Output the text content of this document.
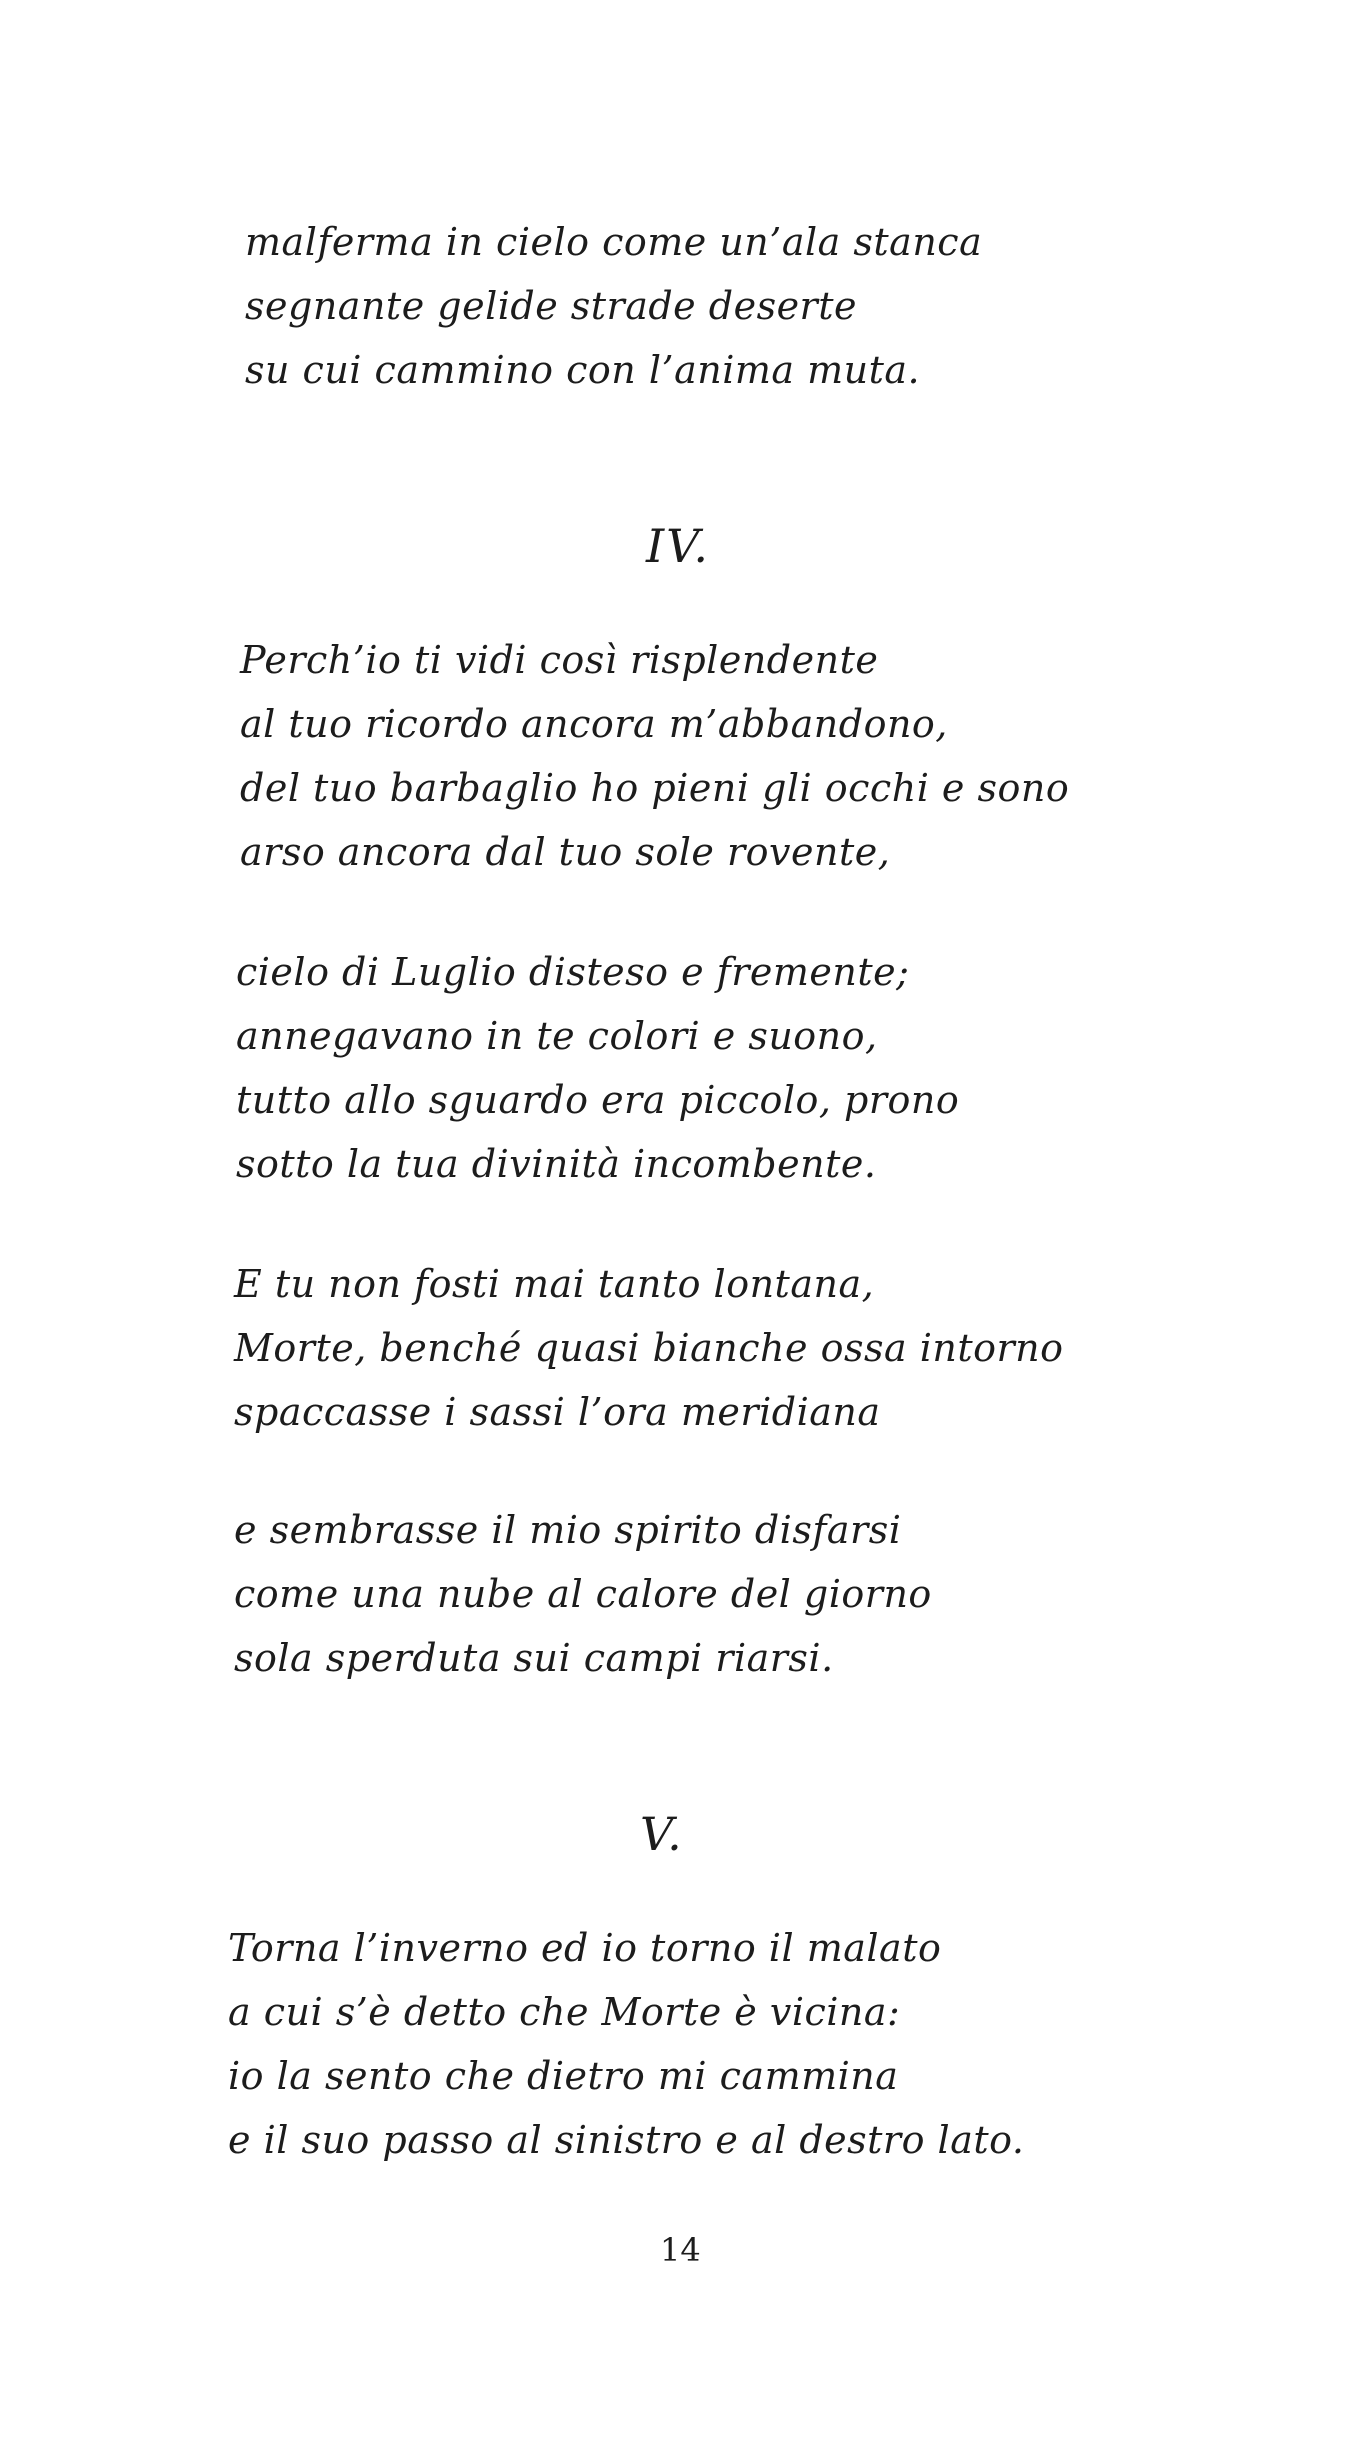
malferma in cielo come un’ala stanca
segnante gelide strade deserte
su cui cammino con l’anima muta.
IV.
Perch’io ti vidi così risplendente
al tuo ricordo ancora m’abbandono,
del tuo barbaglio ho pieni gli occhi e sono
arso ancora dal tuo sole rovente,
cielo di Luglio disteso e fremente;
annegavano in te colori e suono,
tutto allo sguardo era piccolo, prono
sotto la tua divinità incombente.
E tu non fosti mai tanto lontana,
Morte, benché quasi bianche ossa intorno
spaccasse i sassi l’ora meridiana
e sembrasse il mio spirito disfarsi
come una nube al calore del giorno
sola sperduta sui campi riarsi.
V.
Torna l’inverno ed io torno il malato
a cui s’è detto che Morte è vicina:
io la sento che dietro mi cammina
e il suo passo al sinistro e al destro lato.
14
